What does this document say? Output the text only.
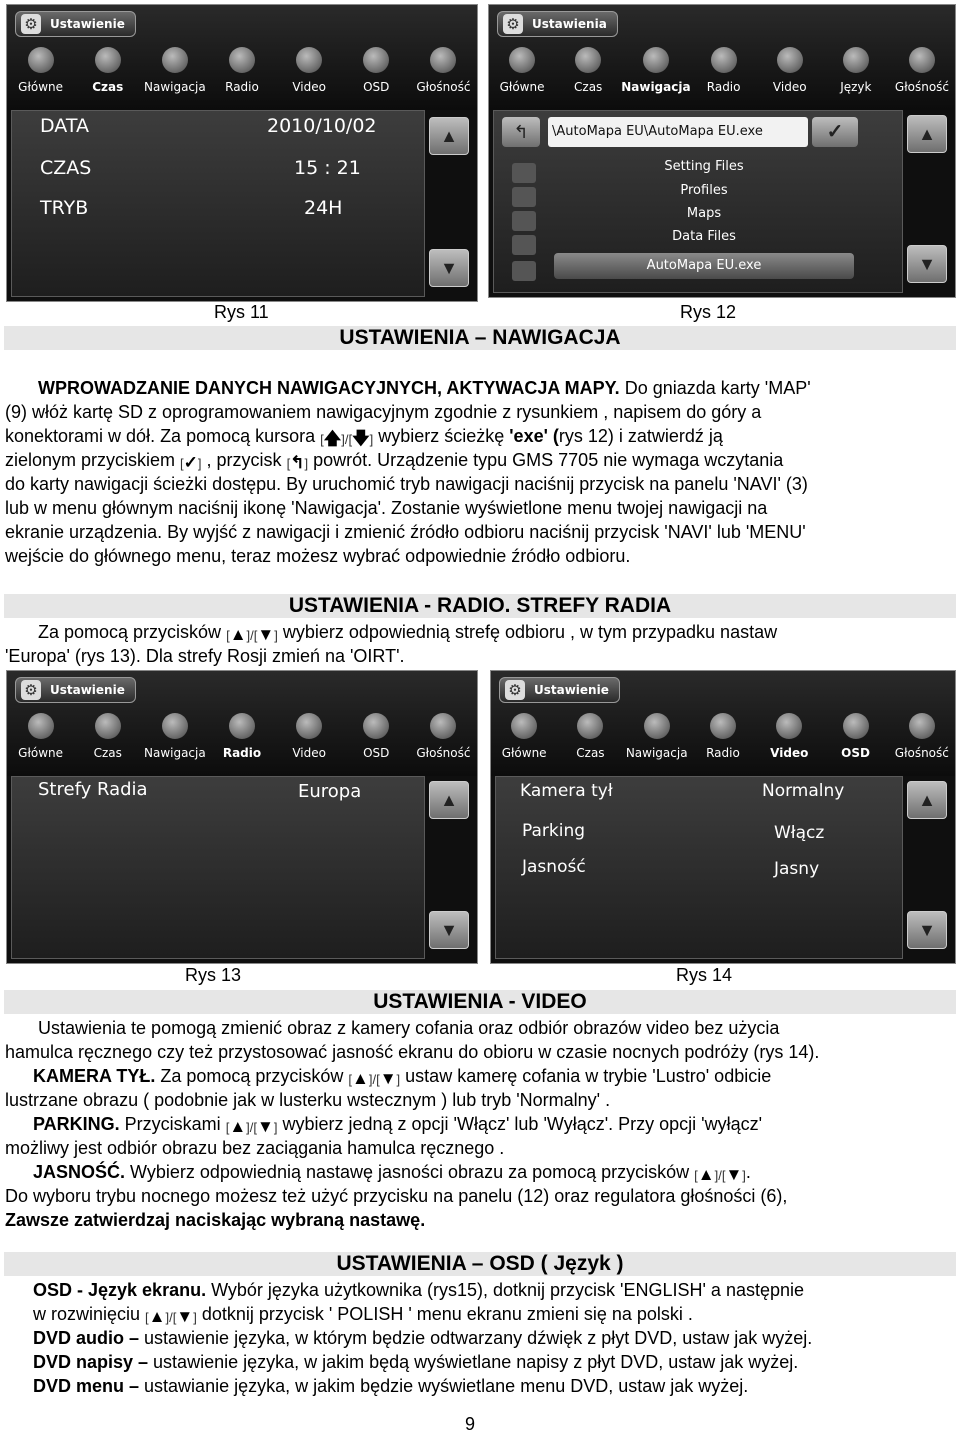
⚙ Ustawienie
Główne	Czas	Nawigacja	Radio	Video	OSD	Głośność
DATA	2010/10/02
CZAS	15 : 21
TRYB	24H
▲
▼
⚙ Ustawienia
Główne	Czas	Nawigacja	Radio	Video	Język	Głośność
↰	\AutoMapa EU\AutoMapa EU.exe	✓
Setting Files
Profiles
Maps
Data Files
AutoMapa EU.exe
▲
▼
Rys 11	Rys 12
USTAWIENIA – NAWIGACJA
WPROWADZANIE DANYCH NAWIGACYJNYCH, AKTYWACJA MAPY. Do gniazda karty 'MAP'
(9) włóż kartę SD z oprogramowaniem nawigacyjnym zgodnie z rysunkiem , napisem do góry a
konektorami w dół. Za pomocą kursora [🡅]/[🡇] wybierz ścieżkę 'exe' (rys 12) i zatwierdź ją
zielonym przyciskiem [✓] , przycisk [↰] powrót. Urządzenie typu GMS 7705 nie wymaga wczytania
do karty nawigacji ścieżki dostępu. By uruchomić tryb nawigacji naciśnij przycisk na panelu 'NAVI' (3)
lub w menu głównym naciśnij ikonę 'Nawigacja'. Zostanie wyświetlone menu twojej nawigacji na
ekranie urządzenia. By wyjść z nawigacji i zmienić źródło odbioru naciśnij przycisk 'NAVI' lub 'MENU'
wejście do głównego menu, teraz możesz wybrać odpowiednie źródło odbioru.
USTAWIENIA - RADIO. STREFY RADIA
Za pomocą przycisków [▲]/[▼] wybierz odpowiednią strefę odbioru , w tym przypadku nastaw
'Europa' (rys 13). Dla strefy Rosji zmień na 'OIRT'.
⚙ Ustawienie
Główne	Czas	Nawigacja	Radio	Video	OSD	Głośność
Strefy Radia	Europa	▲
▼
⚙ Ustawienie
Główne	Czas	Nawigacja	Radio	Video	OSD	Głośność
Kamera tył	Normalny
Parking	Włącz
Jasność	Jasny
▲
▼
Rys 13	Rys 14
USTAWIENIA - VIDEO
Ustawienia te pomogą zmienić obraz z kamery cofania oraz odbiór obrazów video bez użycia
hamulca ręcznego czy też przystosować jasność ekranu do obioru w czasie nocnych podróży (rys 14).
KAMERA TYŁ. Za pomocą przycisków [▲]/[▼] ustaw kamerę cofania w trybie 'Lustro' odbicie
lustrzane obrazu ( podobnie jak w lusterku wstecznym ) lub tryb 'Normalny' .
PARKING. Przyciskami [▲]/[▼] wybierz jedną z opcji 'Włącz' lub 'Wyłącz'. Przy opcji 'wyłącz'
możliwy jest odbiór obrazu bez zaciągania hamulca ręcznego .
JASNOŚĆ. Wybierz odpowiednią nastawę jasności obrazu za pomocą przycisków [▲]/[▼].
Do wyboru trybu nocnego możesz też użyć przycisku na panelu (12) oraz regulatora głośności (6),
Zawsze zatwierdzaj naciskając wybraną nastawę.
USTAWIENIA – OSD ( Język )
OSD - Język ekranu. Wybór języka użytkownika (rys15), dotknij przycisk 'ENGLISH' a następnie
w rozwinięciu [▲]/[▼] dotknij przycisk ' POLISH ' menu ekranu zmieni się na polski .
DVD audio – ustawienie języka, w którym będzie odtwarzany dźwięk z płyt DVD, ustaw jak wyżej.
DVD napisy – ustawienie języka, w jakim będą wyświetlane napisy z płyt DVD, ustaw jak wyżej.
DVD menu – ustawianie języka, w jakim będzie wyświetlane menu DVD, ustaw jak wyżej.
9
